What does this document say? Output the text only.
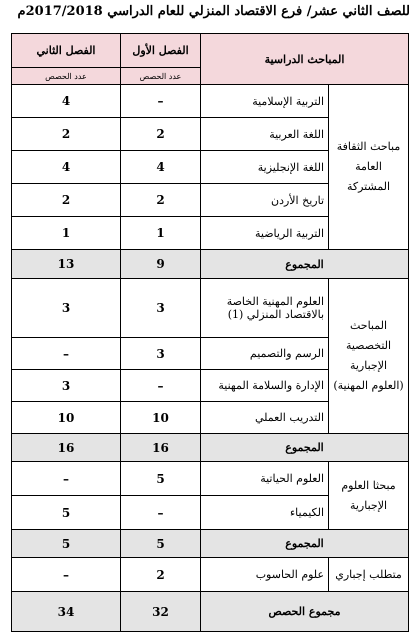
للصف الثاني عشر/ فرع الاقتصاد المنزلي للعام الدراسي 2017/2018م
المباحث الدراسية		الفصل الأول	الفصل الثاني
		عدد الحصص	عدد الحصص
مباحث الثقافة العامة المشتركة	التربية الإسلامية	–	4
	اللغة العربية	2	2
	اللغة الإنجليزية	4	4
	تاريخ الأردن	2	2
	التربية الرياضية	1	1
المجموع		9	13
المباحث التخصصية الإجبارية (العلوم المهنية)	العلوم المهنية الخاصة بالاقتصاد المنزلي (1)	3	3
	الرسم والتصميم	3	–
	الإدارة والسلامة المهنية	–	3
	التدريب العملي	10	10
المجموع		16	16
مبحثا العلوم الإجبارية	العلوم الحياتية	5	–
	الكيمياء	–	5
المجموع		5	5
متطلب إجباري	علوم الحاسوب	2	–
مجموع الحصص		32	34
